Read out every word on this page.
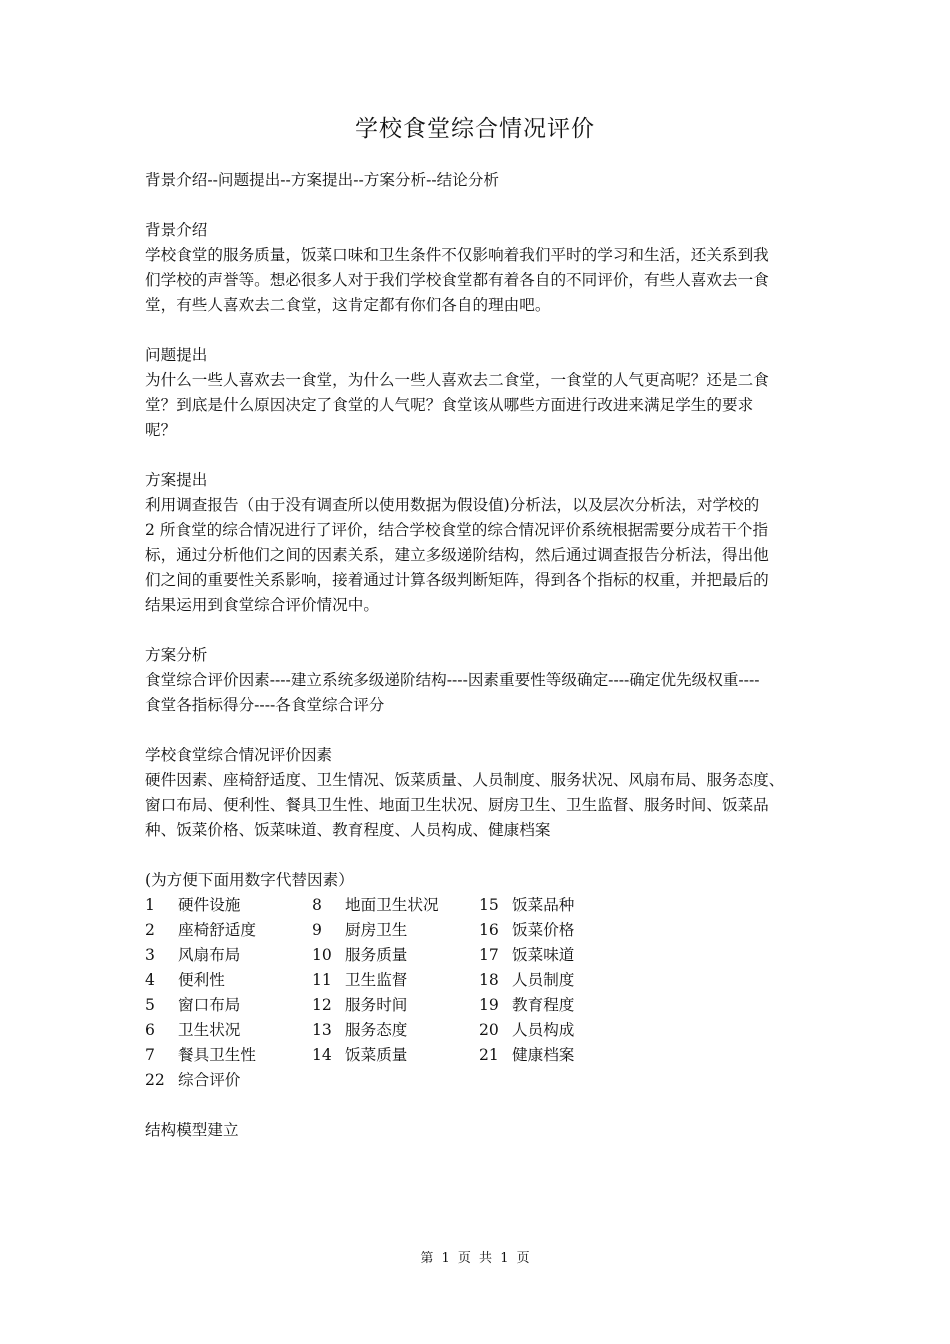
学校食堂综合情况评价
背景介绍--问题提出--方案提出--方案分析--结论分析
背景介绍
学校食堂的服务质量，饭菜口味和卫生条件不仅影响着我们平时的学习和生活，还关系到我
们学校的声誉等。想必很多人对于我们学校食堂都有着各自的不同评价，有些人喜欢去一食
堂，有些人喜欢去二食堂，这肯定都有你们各自的理由吧。
问题提出
为什么一些人喜欢去一食堂，为什么一些人喜欢去二食堂，一食堂的人气更高呢？还是二食
堂？到底是什么原因决定了食堂的人气呢？食堂该从哪些方面进行改进来满足学生的要求
呢？
方案提出
利用调查报告（由于没有调查所以使用数据为假设值)分析法，以及层次分析法，对学校的
2 所食堂的综合情况进行了评价，结合学校食堂的综合情况评价系统根据需要分成若干个指
标，通过分析他们之间的因素关系，建立多级递阶结构，然后通过调查报告分析法，得出他
们之间的重要性关系影响，接着通过计算各级判断矩阵，得到各个指标的权重，并把最后的
结果运用到食堂综合评价情况中。
方案分析
食堂综合评价因素----建立系统多级递阶结构----因素重要性等级确定----确定优先级权重----
食堂各指标得分----各食堂综合评分
学校食堂综合情况评价因素
硬件因素、座椅舒适度、卫生情况、饭菜质量、人员制度、服务状况、风扇布局、服务态度、
窗口布局、便利性、餐具卫生性、地面卫生状况、厨房卫生、卫生监督、服务时间、饭菜品
种、饭菜价格、饭菜味道、教育程度、人员构成、健康档案
(为方便下面用数字代替因素）
1	硬件设施	8	地面卫生状况	15	饭菜品种
2	座椅舒适度	9	厨房卫生	16	饭菜价格
3	风扇布局	10	服务质量	17	饭菜味道
4	便利性	11	卫生监督	18	人员制度
5	窗口布局	12	服务时间	19	教育程度
6	卫生状况	13	服务态度	20	人员构成
7	餐具卫生性	14	饭菜质量	21	健康档案
22	综合评价				
结构模型建立
第 1 页 共 1 页
